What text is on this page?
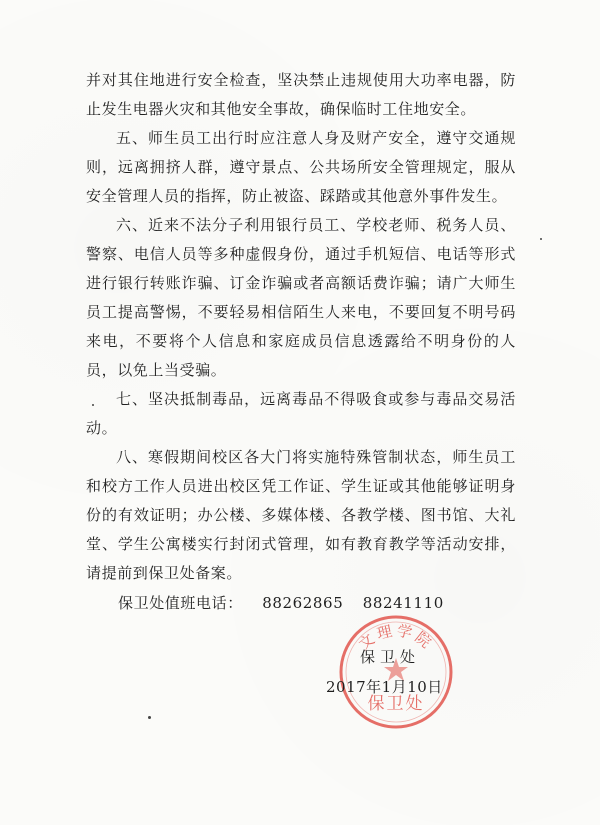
并对其住地进行安全检查，坚决禁止违规使用大功率电器，防止发生电器火灾和其他安全事故，确保临时工住地安全。

五、师生员工出行时应注意人身及财产安全，遵守交通规则，远离拥挤人群，遵守景点、公共场所安全管理规定，服从安全管理人员的指挥，防止被盗、踩踏或其他意外事件发生。

六、近来不法分子利用银行员工、学校老师、税务人员、警察、电信人员等多种虚假身份，通过手机短信、电话等形式进行银行转账诈骗、订金诈骗或者高额话费诈骗；请广大师生员工提高警惕，不要轻易相信陌生人来电，不要回复不明号码来电，不要将个人信息和家庭成员信息透露给不明身份的人员，以免上当受骗。

七、坚决抵制毒品，远离毒品不得吸食或参与毒品交易活动。

八、寒假期间校区各大门将实施特殊管制状态，师生员工和校方工作人员进出校区凭工作证、学生证或其他能够证明身份的有效证明；办公楼、多媒体楼、各教学楼、图书馆、大礼堂、学生公寓楼实行封闭式管理，如有教育教学等活动安排，请提前到保卫处备案。

保卫处值班电话： 88262865 88241110
文理学院
保卫处
保卫处
2017年1月10日
